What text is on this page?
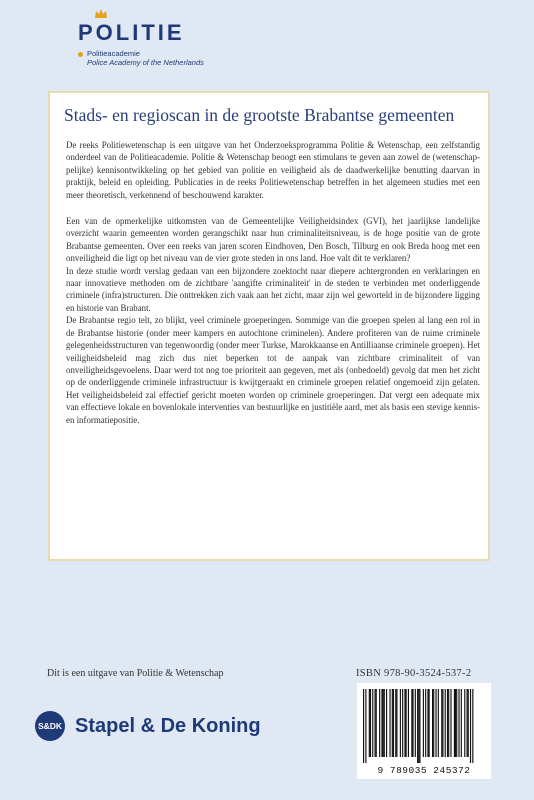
POLITIE
Politieacademie
Police Academy of the Netherlands
Stads- en regioscan in de grootste Brabantse gemeenten

De reeks Politiewetenschap is een uitgave van het Onderzoeksprogramma Politie & Wetenschap, een zelfstandig onderdeel van de Politieacademie. Politie & Wetenschap beoogt een stimulans te geven aan zowel de (wetenschap-pelijke) kennisontwikkeling op het gebied van politie en veiligheid als de daadwerkelijke benutting daarvan in praktijk, beleid en opleiding. Publicaties in de reeks Politiewetenschap betreffen in het algemeen studies met een meer theoretisch, verkennend of beschouwend karakter.

Een van de opmerkelijke uitkomsten van de Gemeentelijke Veiligheidsindex (GVI), het jaarlijkse landelijke overzicht waarin gemeenten worden gerangschikt naar hun criminaliteitsniveau, is de hoge positie van de grote Brabantse gemeenten. Over een reeks van jaren scoren Eindhoven, Den Bosch, Tilburg en ook Breda hoog met een onveiligheid die ligt op het niveau van de vier grote steden in ons land. Hoe valt dit te verklaren?

In deze studie wordt verslag gedaan van een bijzondere zoektocht naar diepere achtergronden en verklaringen en naar innovatieve methoden om de zichtbare 'aangifte criminaliteit' in de steden te verbinden met onderliggende criminele (infra)structuren. Die onttrekken zich vaak aan het zicht, maar zijn wel geworteld in de bijzondere ligging en historie van Brabant.

De Brabantse regio telt, zo blijkt, veel criminele groeperingen. Sommige van die groepen spelen al lang een rol in de Brabantse historie (onder meer kampers en autochtone criminelen). Andere profiteren van de ruime criminele gelegenheidsstructuren van tegenwoordig (onder meer Turkse, Marokkaanse en Antilliaanse criminele groepen). Het veiligheidsbeleid mag zich dus niet beperken tot de aanpak van zichtbare criminaliteit of van onveiligheidsgevoelens. Daar werd tot nog toe prioriteit aan gegeven, met als (onbedoeld) gevolg dat men het zicht op de onderliggende criminele infrastructuur is kwijtgeraakt en criminele groepen relatief ongemoeid zijn gelaten. Het veiligheidsbeleid zal effectief gericht moeten worden op criminele groeperingen. Dat vergt een adequate mix van effectieve lokale en bovenlokale interventies van bestuurlijke en justitiële aard, met als basis een stevige kennis- en informatiepositie.

Dit is een uitgave van Politie & Wetenschap	ISBN 978-90-3524-537-2
S&DK Stapel & De Koning
9 789035 245372
